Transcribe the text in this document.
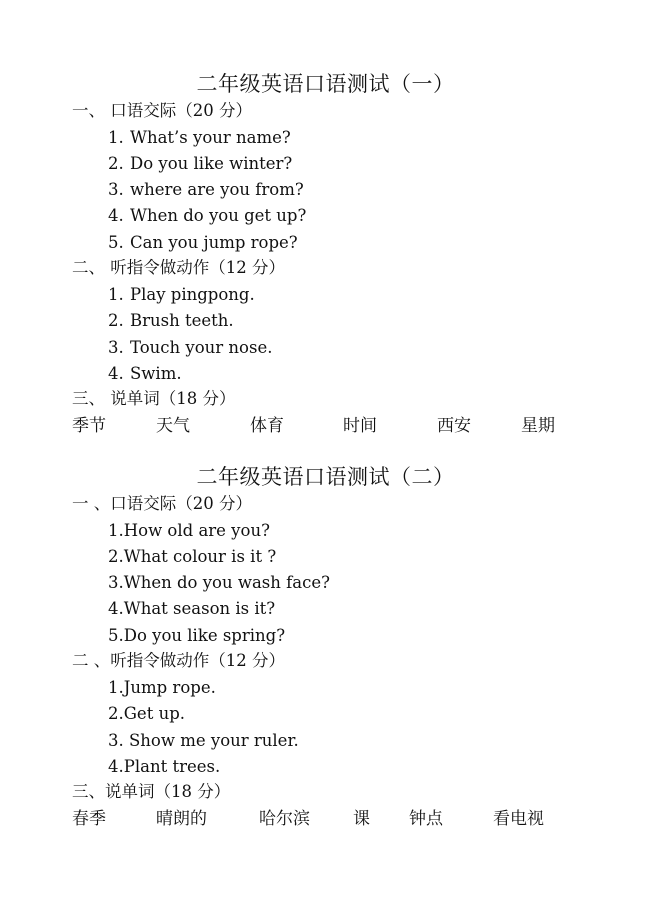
二年级英语口语测试（一）
一、 口语交际（20 分）
1. What’s your name?
2. Do you like winter?
3. where are you from?
4. When do you get up?
5. Can you jump rope?
二、 听指令做动作（12 分）
1. Play pingpong.
2. Brush teeth.
3. Touch your nose.
4. Swim.
三、 说单词（18 分）
季节	天气	体育	时间	西安	星期
二年级英语口语测试（二）
一 、口语交际（20 分）
1.How old are you?
2.What colour is it ?
3.When do you wash face?
4.What season is it?
5.Do you like spring?
二 、听指令做动作（12 分）
1.Jump rope.
2.Get up.
3. Show me your ruler.
4.Plant trees.
三、说单词（18 分）
春季	晴朗的	哈尔滨	课 钟点	看电视
